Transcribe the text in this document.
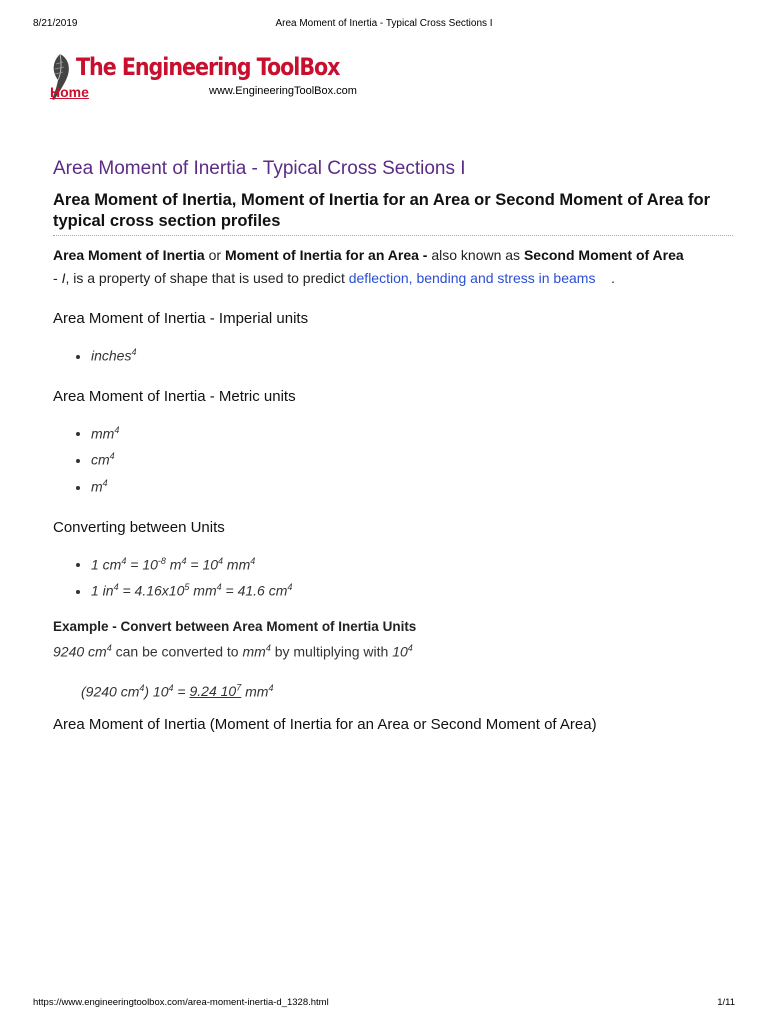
8/21/2019	Area Moment of Inertia - Typical Cross Sections I
The Engineering ToolBox
Home	www.EngineeringToolBox.com
Area Moment of Inertia - Typical Cross Sections I
Area Moment of Inertia, Moment of Inertia for an Area or Second Moment of Area for typical cross section profiles

Area Moment of Inertia or Moment of Inertia for an Area - also known as Second Moment of Area
- I, is a property of shape that is used to predict deflection, bending and stress in beams .

Area Moment of Inertia - Imperial units
• inches$^4$
Area Moment of Inertia - Metric units
• $mm^4$
• $cm^4$
• $m^4$
Converting between Units
• 1 $cm^4 = 10^{-8}$ $m^4 = 10^4$ $mm^4$
• 1 $in^4 = 4.16x10^5$ $mm^4 = 41.6$ $cm^4$
Example - Convert between Area Moment of Inertia Units

9240 $cm^4$ can be converted to $mm^4$ by multiplying with $10^4$

(9240 $cm^4$) $10^4 = 9.24$ $10^7$ $mm^4$

Area Moment of Inertia (Moment of Inertia for an Area or Second Moment of Area)
https://www.engineeringtoolbox.com/area-moment-inertia-d_1328.html	1/11
